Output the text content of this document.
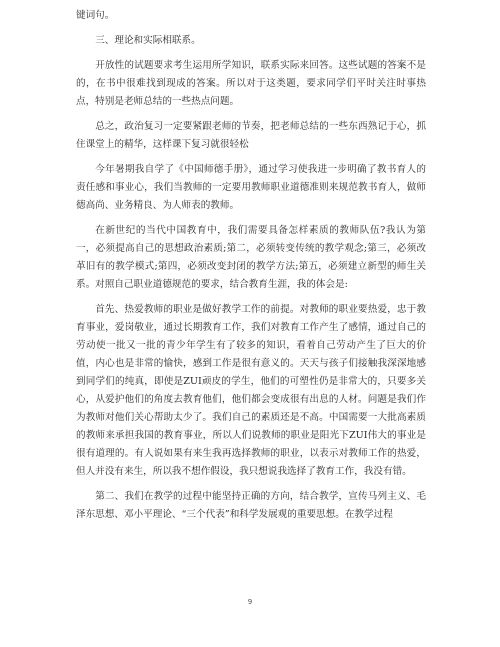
键词句。

三、理论和实际相联系。

开放性的试题要求考生运用所学知识，联系实际来回答。这些试题的答案不是的，在书中很难找到现成的答案。所以对于这类题，要求同学们平时关注时事热点，特别是老师总结的一些热点问题。

总之，政治复习一定要紧跟老师的节奏，把老师总结的一些东西熟记于心，抓住课堂上的精华，这样课下复习就很轻松

今年暑期我自学了《中国师德手册》，通过学习使我进一步明确了教书育人的责任感和事业心，我们当教师的一定要用教师职业道德准则来规范教书育人，做师德高尚、业务精良、为人师表的教师。

在新世纪的当代中国教育中，我们需要具备怎样素质的教师队伍?我认为第一，必须提高自己的思想政治素质;第二，必须转变传统的教学观念;第三，必须改革旧有的教学模式;第四，必须改变封闭的教学方法;第五，必须建立新型的师生关系。对照自己职业道德规范的要求，结合教育生涯，我的体会是:

首先、热爱教师的职业是做好教学工作的前提。对教师的职业要热爱，忠于教育事业，爱岗敬业，通过长期教育工作，我们对教育工作产生了感情，通过自己的劳动使一批又一批的青少年学生有了较多的知识，看着自己劳动产生了巨大的价值，内心也是非常的愉快，感到工作是很有意义的。天天与孩子们接触我深深地感到同学们的纯真，即使是ZUI顽皮的学生，他们的可塑性仍是非常大的，只要多关心，从爱护他们的角度去教育他们，他们都会变成很有出息的人材。问题是我们作为教师对他们关心帮助太少了。我们自己的素质还是不高。中国需要一大批高素质的教师来承担我国的教育事业，所以人们说教师的职业是阳光下ZUI伟大的事业是很有道理的。有人说如果有来生我再选择教师的职业，以表示对教师工作的热爱，但人并没有来生，所以我不想作假设，我只想说我选择了教育工作，我没有错。

第二、我们在教学的过程中能坚持正确的方向，结合教学，宣传马列主义、毛泽东思想、邓小平理论、“三个代表”和科学发展观的重要思想。在教学过程

9
